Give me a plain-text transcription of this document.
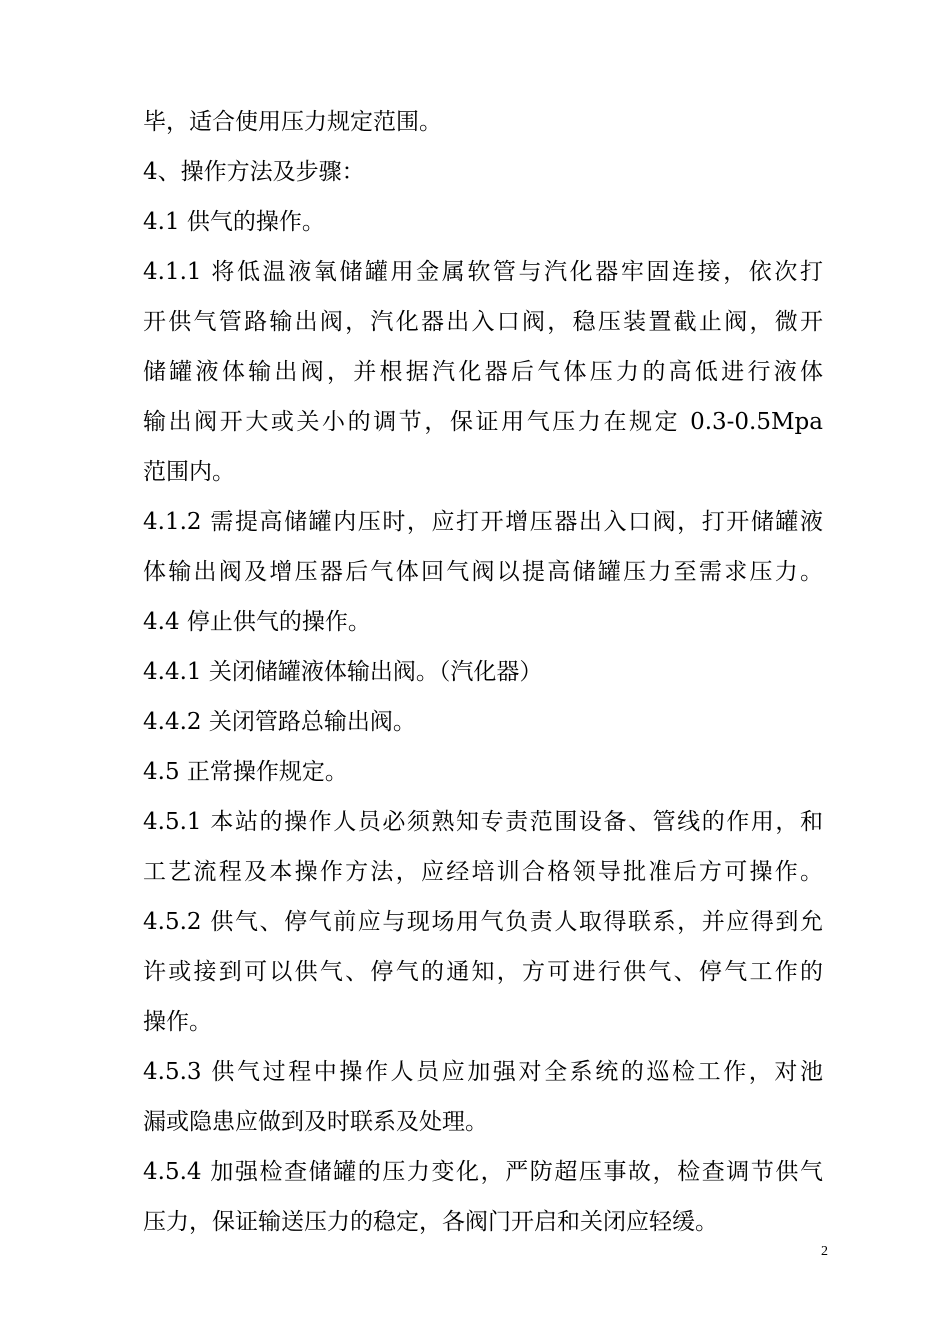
毕，适合使用压力规定范围。
4、操作方法及步骤：
4.1 供气的操作。
4.1.1 将低温液氧储罐用金属软管与汽化器牢固连接，依次打
开供气管路输出阀，汽化器出入口阀，稳压装置截止阀，微开
储罐液体输出阀，并根据汽化器后气体压力的高低进行液体
输出阀开大或关小的调节，保证用气压力在规定 0.3-0.5Mpa
范围内。
4.1.2 需提高储罐内压时，应打开增压器出入口阀，打开储罐液
体输出阀及增压器后气体回气阀以提高储罐压力至需求压力。
4.4 停止供气的操作。
4.4.1 关闭储罐液体输出阀。（汽化器）
4.4.2 关闭管路总输出阀。
4.5 正常操作规定。
4.5.1 本站的操作人员必须熟知专责范围设备、管线的作用，和
工艺流程及本操作方法，应经培训合格领导批准后方可操作。
4.5.2 供气、停气前应与现场用气负责人取得联系，并应得到允
许或接到可以供气、停气的通知，方可进行供气、停气工作的
操作。
4.5.3 供气过程中操作人员应加强对全系统的巡检工作，对池
漏或隐患应做到及时联系及处理。
4.5.4 加强检查储罐的压力变化，严防超压事故，检查调节供气
压力，保证输送压力的稳定，各阀门开启和关闭应轻缓。
2
